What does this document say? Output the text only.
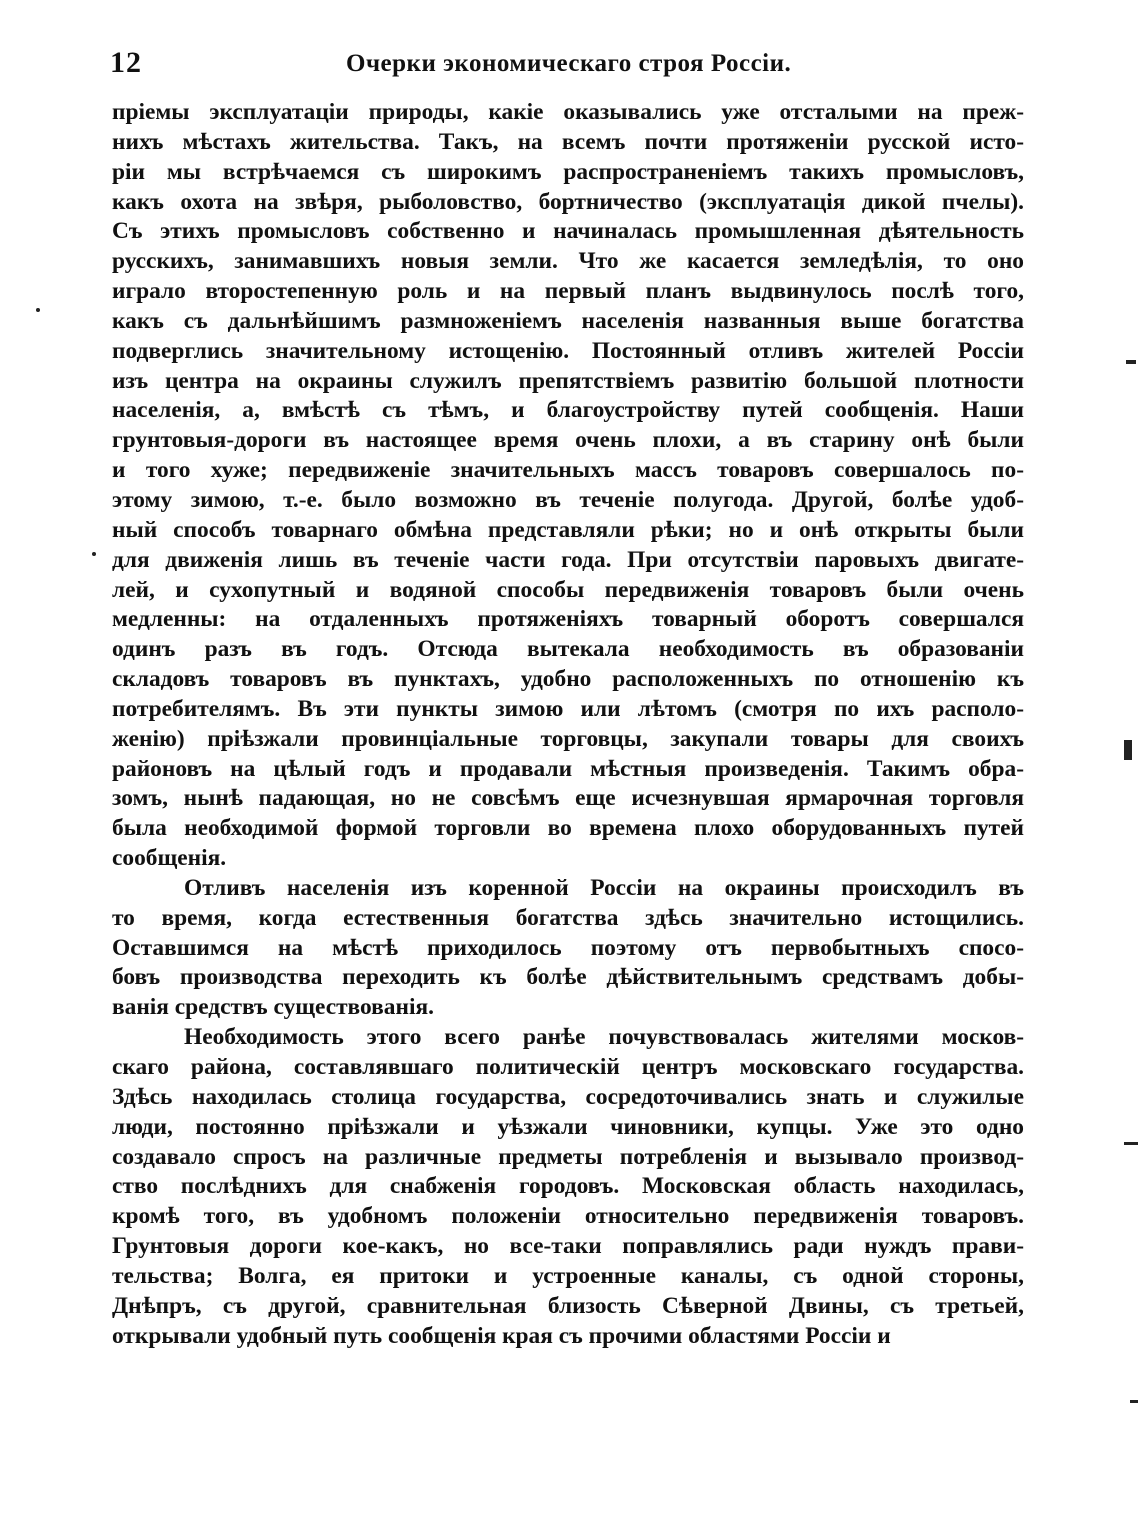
12	Очерки экономическаго строя Россіи.
пріемы эксплуатаціи природы, какіе оказывались уже отсталыми на преж-
нихъ мѣстахъ жительства. Такъ, на всемъ почти протяженіи русской исто-
ріи мы встрѣчаемся съ широкимъ распространеніемъ такихъ промысловъ,
какъ охота на звѣря, рыболовство, бортничество (эксплуатація дикой пчелы).
Съ этихъ промысловъ собственно и начиналась промышленная дѣятельность
русскихъ, занимавшихъ новыя земли. Что же касается земледѣлія, то оно
играло второстепенную роль и на первый планъ выдвинулось послѣ того,
какъ съ дальнѣйшимъ размноженіемъ населенія названныя выше богатства
подверглись значительному истощенію. Постоянный отливъ жителей Россіи
изъ центра на окраины служилъ препятствіемъ развитію большой плотности
населенія, а, вмѣстѣ съ тѣмъ, и благоустройству путей сообщенія. Наши
грунтовыя-дороги въ настоящее время очень плохи, а въ старину онѣ были
и того хуже; передвиженіе значительныхъ массъ товаровъ совершалось по-
этому зимою, т.-е. было возможно въ теченіе полугода. Другой, болѣе удоб-
ный способъ товарнаго обмѣна представляли рѣки; но и онѣ открыты были
для движенія лишь въ теченіе части года. При отсутствіи паровыхъ двигате-
лей, и сухопутный и водяной способы передвиженія товаровъ были очень
медленны: на отдаленныхъ протяженіяхъ товарный оборотъ совершался
одинъ разъ въ годъ. Отсюда вытекала необходимость въ образованіи
складовъ товаровъ въ пунктахъ, удобно расположенныхъ по отношенію къ
потребителямъ. Въ эти пункты зимою или лѣтомъ (смотря по ихъ располо-
женію) пріѣзжали провинціальные торговцы, закупали товары для своихъ
районовъ на цѣлый годъ и продавали мѣстныя произведенія. Такимъ обра-
зомъ, нынѣ падающая, но не совсѣмъ еще исчезнувшая ярмарочная торговля
была необходимой формой торговли во времена плохо оборудованныхъ путей
сообщенія.
Отливъ населенія изъ коренной Россіи на окраины происходилъ въ
то время, когда естественныя богатства здѣсь значительно истощились.
Оставшимся на мѣстѣ приходилось поэтому отъ первобытныхъ спосо-
бовъ производства переходить къ болѣе дѣйствительнымъ средствамъ добы-
ванія средствъ существованія.
Необходимость этого всего ранѣе почувствовалась жителями москов-
скаго района, составлявшаго политическій центръ московскаго государства.
Здѣсь находилась столица государства, сосредоточивались знать и служилые
люди, постоянно пріѣзжали и уѣзжали чиновники, купцы. Уже это одно
создавало спросъ на различные предметы потребленія и вызывало производ-
ство послѣднихъ для снабженія городовъ. Московская область находилась,
кромѣ того, въ удобномъ положеніи относительно передвиженія товаровъ.
Грунтовыя дороги кое-какъ, но все-таки поправлялись ради нуждъ прави-
тельства; Волга, ея притоки и устроенные каналы, съ одной стороны,
Днѣпръ, съ другой, сравнительная близость Сѣверной Двины, съ третьей,
открывали удобный путь сообщенія края съ прочими областями Россіи и
